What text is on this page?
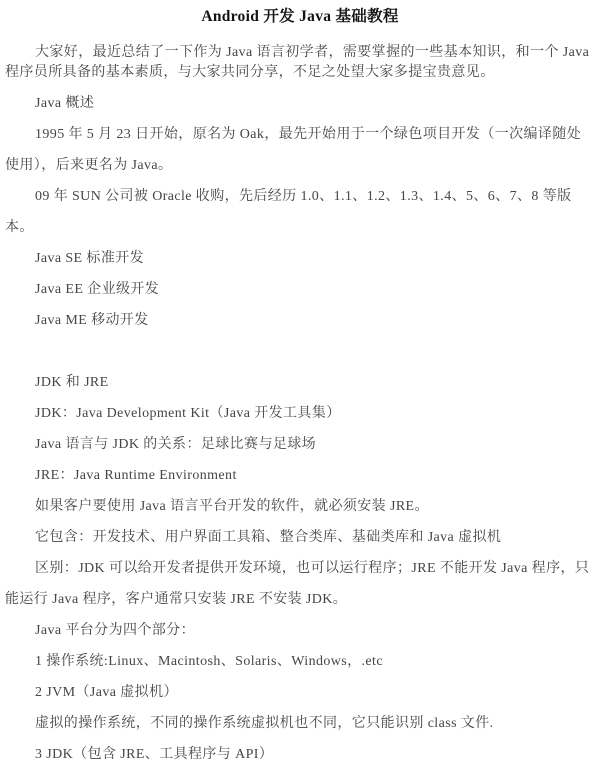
Android 开发 Java 基础教程
大家好，最近总结了一下作为 Java 语言初学者，需要掌握的一些基本知识，和一个 Java
程序员所具备的基本素质，与大家共同分享，不足之处望大家多提宝贵意见。
Java 概述
1995 年 5 月 23 日开始，原名为 Oak，最先开始用于一个绿色项目开发（一次编译随处
使用），后来更名为 Java。
09 年 SUN 公司被 Oracle 收购，先后经历 1.0、1.1、1.2、1.3、1.4、5、6、7、8 等版
本。
Java SE 标准开发
Java EE 企业级开发
Java ME 移动开发

JDK 和 JRE
JDK：Java Development Kit（Java 开发工具集）
Java 语言与 JDK 的关系：足球比赛与足球场
JRE：Java Runtime Environment
如果客户要使用 Java 语言平台开发的软件，就必须安装 JRE。
它包含：开发技术、用户界面工具箱、整合类库、基础类库和 Java 虚拟机
区别：JDK 可以给开发者提供开发环境，也可以运行程序；JRE 不能开发 Java 程序，只
能运行 Java 程序，客户通常只安装 JRE 不安装 JDK。
Java 平台分为四个部分：
1 操作系统:Linux、Macintosh、Solaris、Windows，.etc
2 JVM（Java 虚拟机）
虚拟的操作系统，不同的操作系统虚拟机也不同，它只能识别 class 文件.
3 JDK（包含 JRE、工具程序与 API）
